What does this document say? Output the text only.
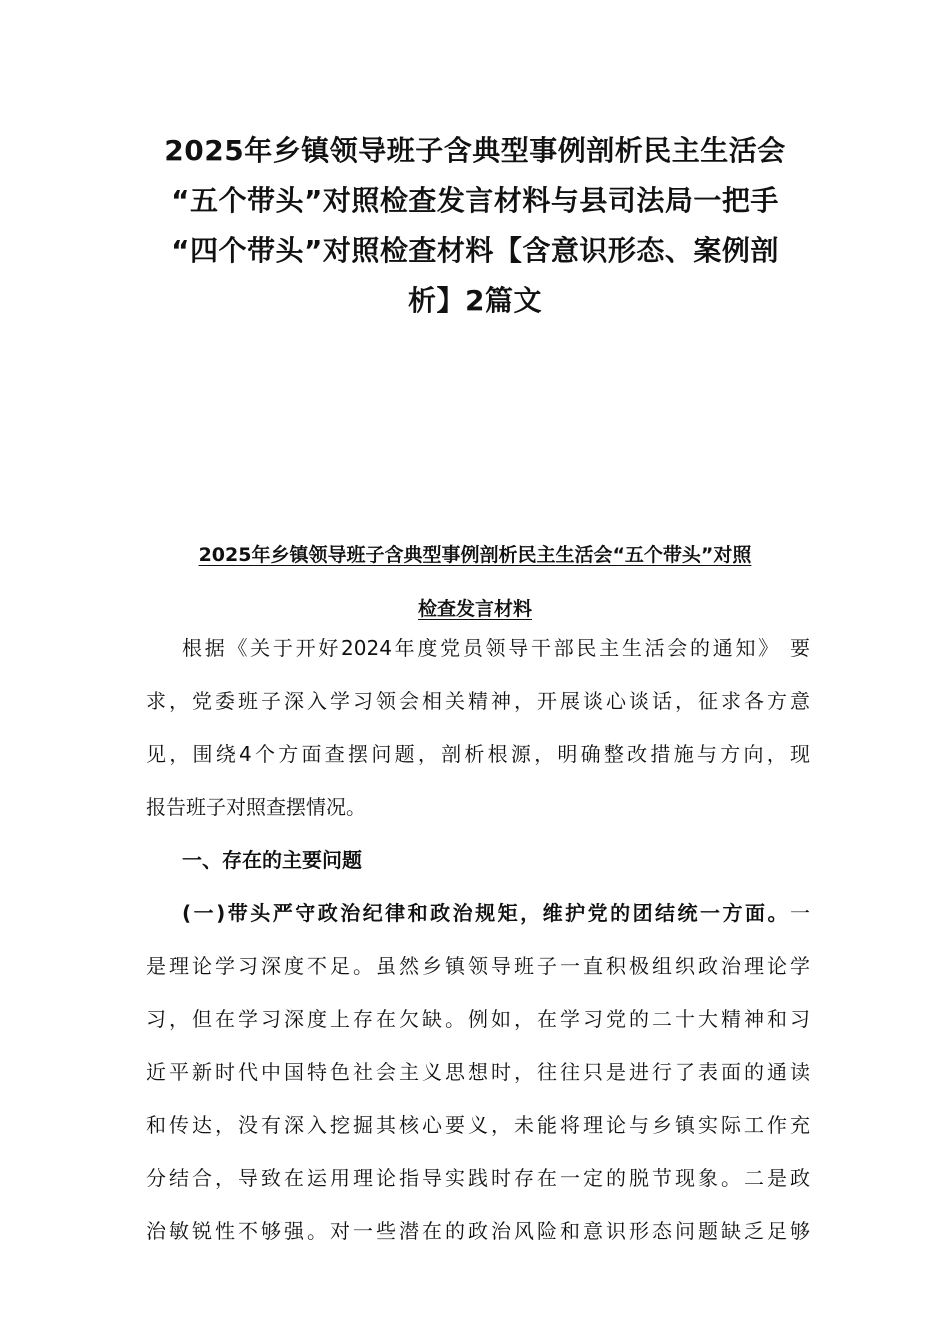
2025年乡镇领导班子含典型事例剖析民主生活会
“五个带头”对照检查发言材料与县司法局一把手
“四个带头”对照检查材料【含意识形态、案例剖
析】2篇文
2025年乡镇领导班子含典型事例剖析民主生活会“五个带头”对照
检查发言材料
根据《关于开好2024年度党员领导干部民主生活会的通知》 要
求，党委班子深入学习领会相关精神，开展谈心谈话，征求各方意
见，围绕4个方面查摆问题，剖析根源，明确整改措施与方向，现
报告班子对照查摆情况。
一、存在的主要问题
(一)带头严守政治纪律和政治规矩，维护党的团结统一方面。一
是理论学习深度不足。虽然乡镇领导班子一直积极组织政治理论学
习，但在学习深度上存在欠缺。例如，在学习党的二十大精神和习
近平新时代中国特色社会主义思想时，往往只是进行了表面的通读
和传达，没有深入挖掘其核心要义，未能将理论与乡镇实际工作充
分结合，导致在运用理论指导实践时存在一定的脱节现象。二是政
治敏锐性不够强。对一些潜在的政治风险和意识形态问题缺乏足够
